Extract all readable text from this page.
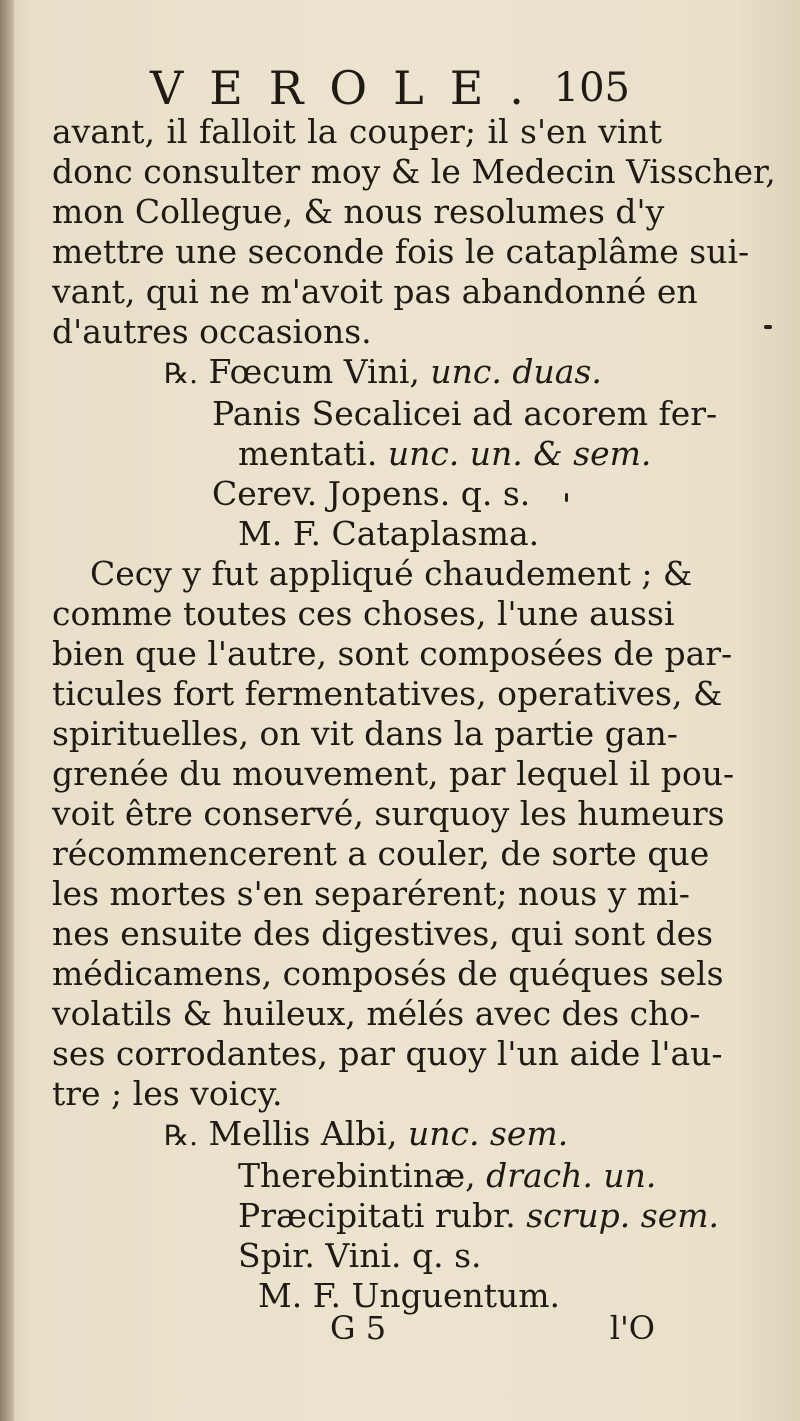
VEROLE. 105
avant, il falloit la couper; il s'en vint
donc consulter moy & le Medecin Visscher,
mon Collegue, & nous resolumes d'y
mettre une seconde fois le cataplâme sui-
vant, qui ne m'avoit pas abandonné en
d'autres occasions.
℞. Fœcum Vini, unc. duas.
Panis Secalicei ad acorem fer-
mentati. unc. un. & sem.
Cerev. Jopens. q. s.
M. F. Cataplasma.
Cecy y fut appliqué chaudement ; &
comme toutes ces choses, l'une aussi
bien que l'autre, sont composées de par-
ticules fort fermentatives, operatives, &
spirituelles, on vit dans la partie gan-
grenée du mouvement, par lequel il pou-
voit être conservé, surquoy les humeurs
récommencerent a couler, de sorte que
les mortes s'en separérent; nous y mi-
nes ensuite des digestives, qui sont des
médicamens, composés de quéques sels
volatils & huileux, mélés avec des cho-
ses corrodantes, par quoy l'un aide l'au-
tre ; les voicy.
℞. Mellis Albi, unc. sem.
Therebintinæ, drach. un.
Præcipitati rubr. scrup. sem.
Spir. Vini. q. s.
M. F. Unguentum.
G 5	l'O
